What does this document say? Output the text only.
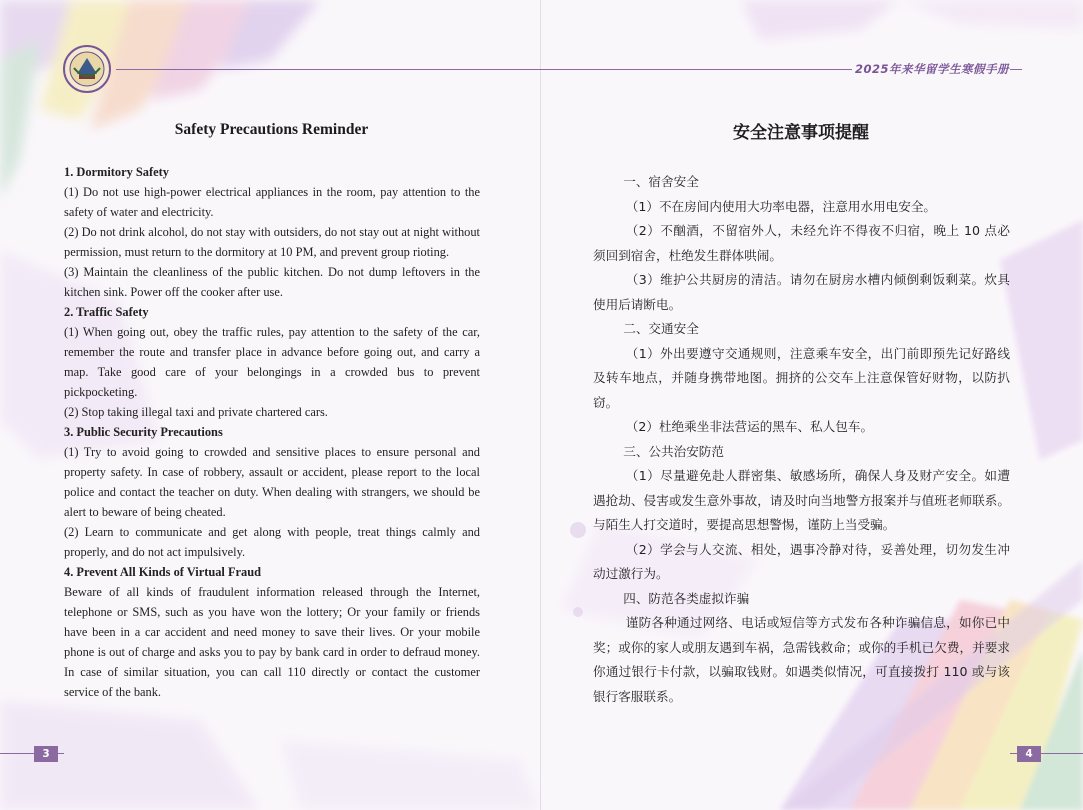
2025年来华留学生寒假手册
Safety Precautions Reminder

1. Dormitory Safety

(1) Do not use high-power electrical appliances in the room, pay attention to the safety of water and electricity.

(2) Do not drink alcohol, do not stay with outsiders, do not stay out at night without permission, must return to the dormitory at 10 PM, and prevent group rioting.

(3) Maintain the cleanliness of the public kitchen. Do not dump leftovers in the kitchen sink. Power off the cooker after use.

2. Traffic Safety

(1) When going out, obey the traffic rules, pay attention to the safety of the car, remember the route and transfer place in advance before going out, and carry a map. Take good care of your belongings in a crowded bus to prevent pickpocketing.

(2) Stop taking illegal taxi and private chartered cars.

3. Public Security Precautions

(1) Try to avoid going to crowded and sensitive places to ensure personal and property safety. In case of robbery, assault or accident, please report to the local police and contact the teacher on duty. When dealing with strangers, we should be alert to beware of being cheated.

(2) Learn to communicate and get along with people, treat things calmly and properly, and do not act impulsively.

4. Prevent All Kinds of Virtual Fraud

Beware of all kinds of fraudulent information released through the Internet, telephone or SMS, such as you have won the lottery; Or your family or friends have been in a car accident and need money to save their lives. Or your mobile phone is out of charge and asks you to pay by bank card in order to defraud money. In case of similar situation, you can call 110 directly or contact the customer service of the bank.

安全注意事项提醒

一、宿舍安全

（1）不在房间内使用大功率电器，注意用水用电安全。

（2）不酗酒，不留宿外人，未经允许不得夜不归宿，晚上 10 点必须回到宿舍，杜绝发生群体哄闹。

（3）维护公共厨房的清洁。请勿在厨房水槽内倾倒剩饭剩菜。炊具使用后请断电。

二、交通安全

（1）外出要遵守交通规则，注意乘车安全，出门前即预先记好路线及转车地点，并随身携带地图。拥挤的公交车上注意保管好财物，以防扒窃。

（2）杜绝乘坐非法营运的黑车、私人包车。

三、公共治安防范

（1）尽量避免赴人群密集、敏感场所，确保人身及财产安全。如遭遇抢劫、侵害或发生意外事故，请及时向当地警方报案并与值班老师联系。与陌生人打交道时，要提高思想警惕，谨防上当受骗。

（2）学会与人交流、相处，遇事冷静对待，妥善处理，切勿发生冲动过激行为。

四、防范各类虚拟诈骗

谨防各种通过网络、电话或短信等方式发布各种诈骗信息，如你已中奖；或你的家人或朋友遇到车祸，急需钱救命；或你的手机已欠费，并要求你通过银行卡付款，以骗取钱财。如遇类似情况，可直接拨打 110 或与该银行客服联系。

3	4
